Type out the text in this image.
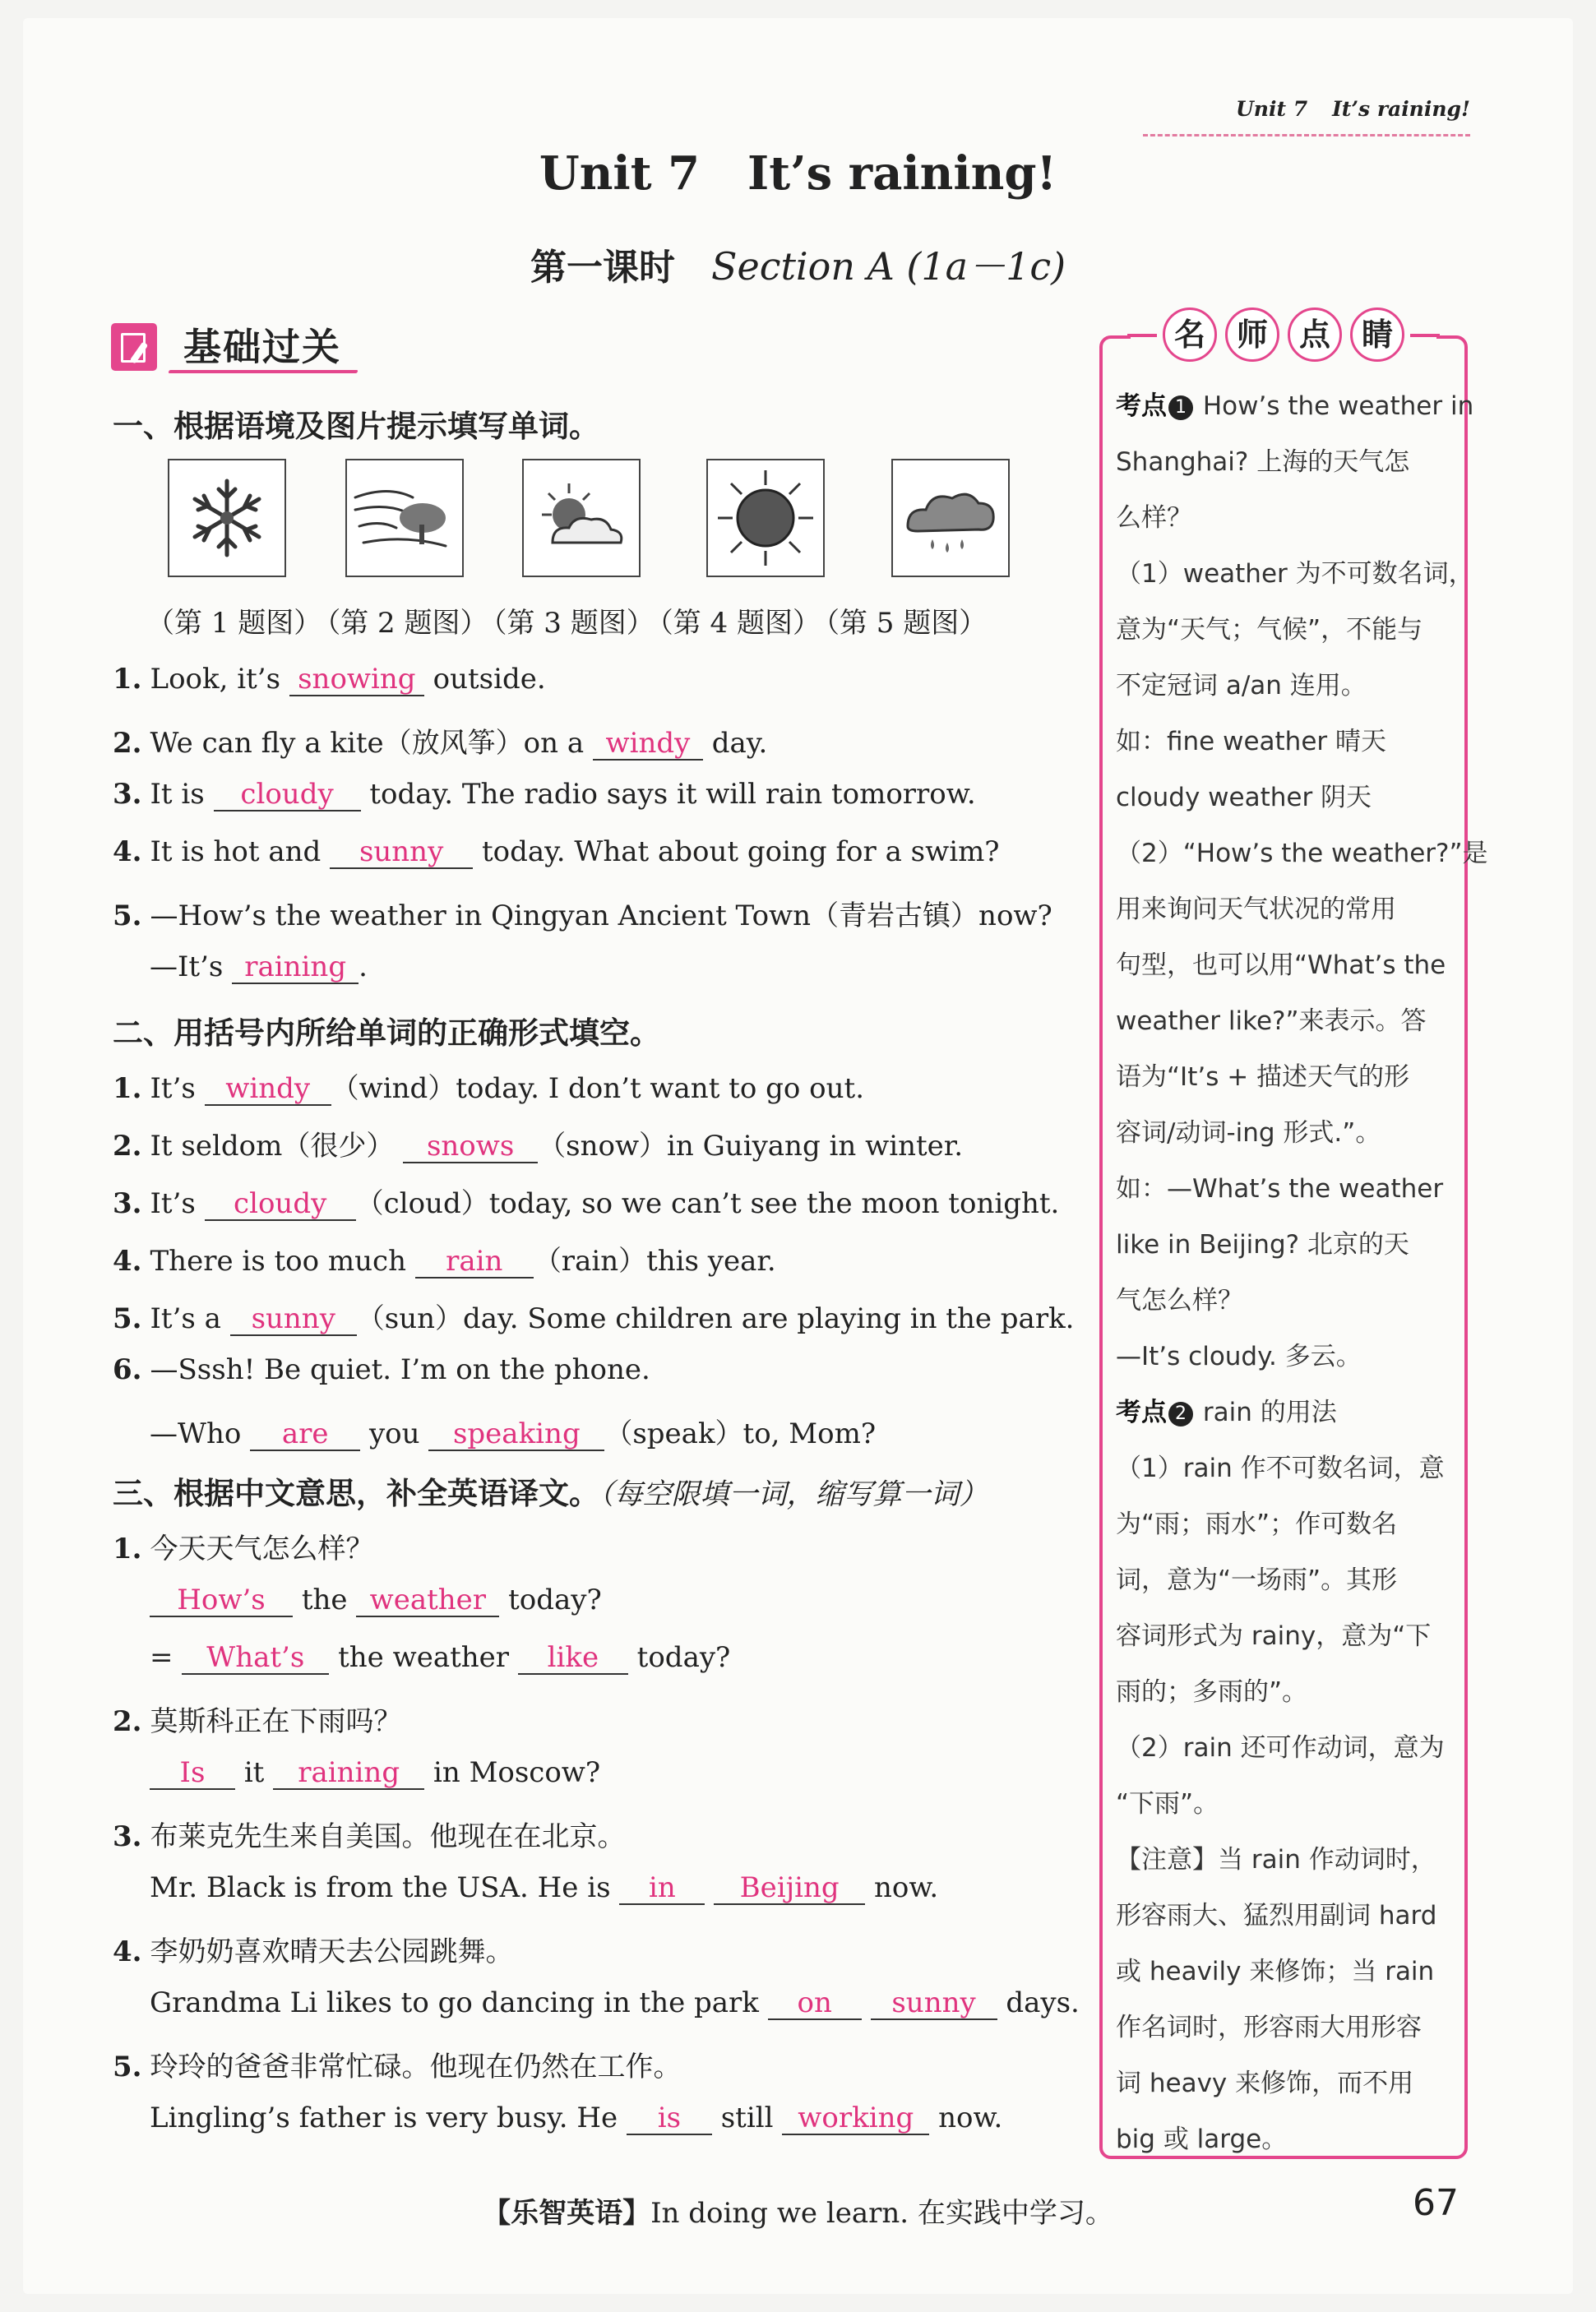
Unit 7 It’s raining!
Unit 7 It’s raining!
第一课时 Section A (1a－1c)
基础过关
一、根据语境及图片提示填写单词。
（第 1 题图） （第 2 题图） （第 3 题图） （第 4 题图） （第 5 题图）
1. Look, it’s snowing outside.
2. We can fly a kite（放风筝）on a windy day.
3. It is cloudy today. The radio says it will rain tomorrow.
4. It is hot and sunny today. What about going for a swim?
5. —How’s the weather in Qingyan Ancient Town（青岩古镇）now?
—It’s raining .
二、用括号内所给单词的正确形式填空。
1. It’s windy （wind）today. I don’t want to go out.
2. It seldom（很少） snows （snow）in Guiyang in winter.
3. It’s cloudy （cloud）today, so we can’t see the moon tonight.
4. There is too much rain （rain）this year.
5. It’s a sunny （sun）day. Some children are playing in the park.
6. —Sssh! Be quiet. I’m on the phone.
—Who are you speaking （speak）to, Mom?
三、根据中文意思，补全英语译文。（每空限填一词，缩写算一词）
1. 今天天气怎么样？
How’s the weather today?
= What’s the weather like today?
2. 莫斯科正在下雨吗？
Is it raining in Moscow?
3. 布莱克先生来自美国。他现在在北京。
Mr. Black is from the USA. He is in Beijing now.
4. 李奶奶喜欢晴天去公园跳舞。
Grandma Li likes to go dancing in the park on sunny days.
5. 玲玲的爸爸非常忙碌。他现在仍然在工作。
Lingling’s father is very busy. He is still working now.
名 师 点 睛
考点 1 How’s the weather in
Shanghai? 上海的天气怎
么样？
（1）weather 为不可数名词，
意为“天气；气候”，不能与
不定冠词 a/an 连用。
如：fine weather 晴天
cloudy weather 阴天
（2）“How’s the weather?”是
用来询问天气状况的常用
句型，也可以用“What’s the
weather like?”来表示。答
语为“It’s + 描述天气的形
容词/动词-ing 形式.”。
如：—What’s the weather
like in Beijing? 北京的天
气怎么样？
—It’s cloudy. 多云。
考点 2 rain 的用法
（1）rain 作不可数名词，意
为“雨；雨水”；作可数名
词，意为“一场雨”。其形
容词形式为 rainy，意为“下
雨的；多雨的”。
（2）rain 还可作动词，意为
“下雨”。
【注意】当 rain 作动词时，
形容雨大、猛烈用副词 hard
或 heavily 来修饰；当 rain
作名词时，形容雨大用形容
词 heavy 来修饰，而不用
big 或 large。
【乐智英语】In doing we learn. 在实践中学习。	67
